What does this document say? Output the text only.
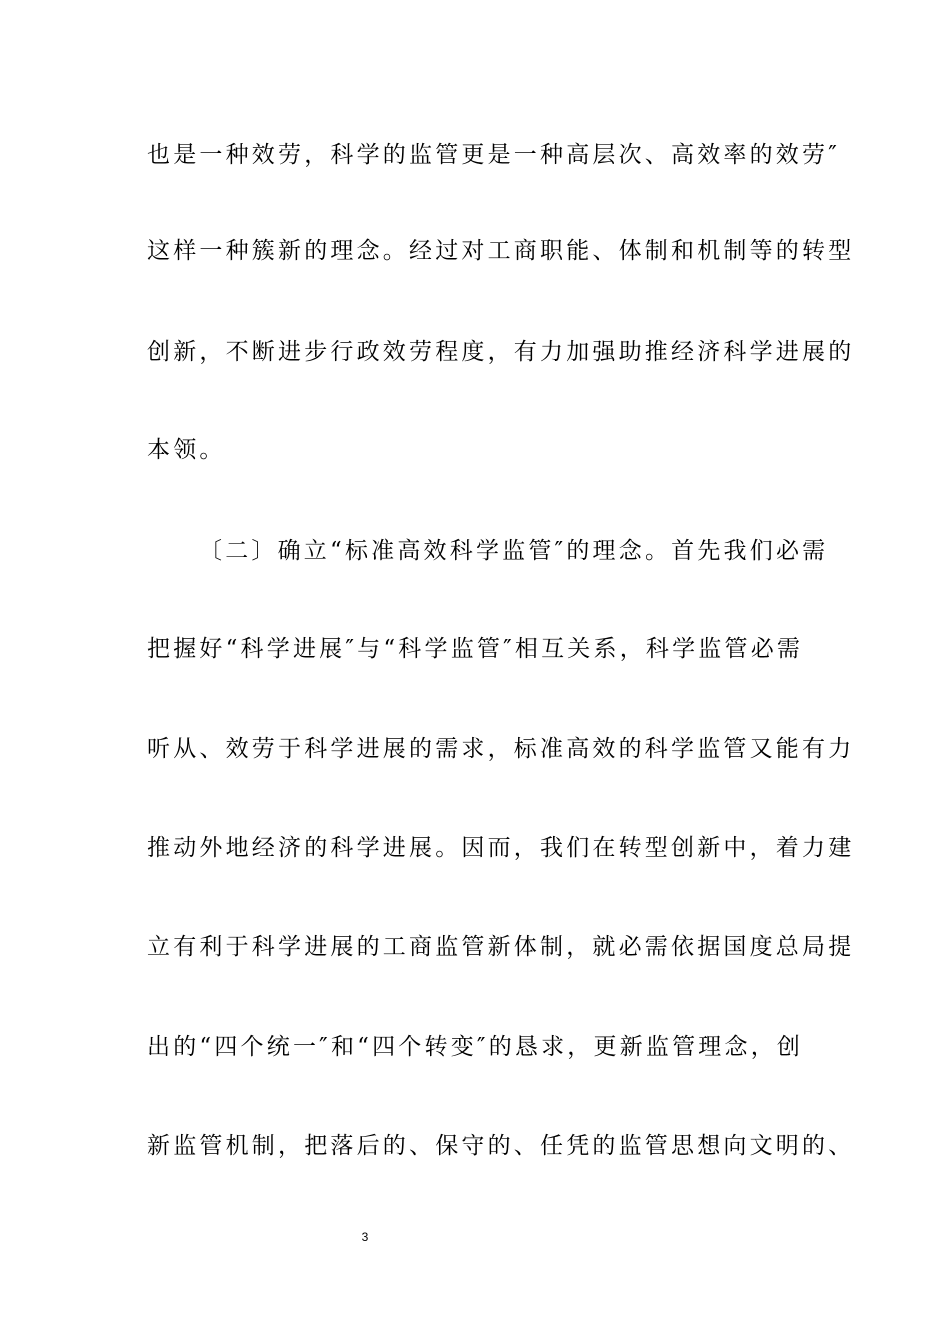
也是一种效劳，科学的监管更是一种高层次、高效率的效劳″
这样一种簇新的理念。经过对工商职能、体制和机制等的转型
创新，不断进步行政效劳程度，有力加强助推经济科学进展的
本领。
〔二〕确立“标准高效科学监管″的理念。首先我们必需
把握好“科学进展″与“科学监管″相互关系，科学监管必需
听从、效劳于科学进展的需求，标准高效的科学监管又能有力
推动外地经济的科学进展。因而，我们在转型创新中，着力建
立有利于科学进展的工商监管新体制，就必需依据国度总局提
出的“四个统一″和“四个转变″的恳求，更新监管理念，创
新监管机制，把落后的、保守的、任凭的监管思想向文明的、
3
